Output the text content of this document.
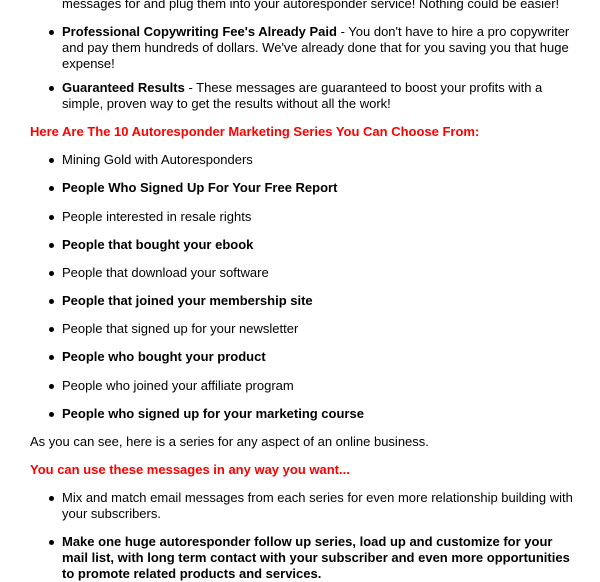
messages for and plug them into your autoresponder service! Nothing could be easier!
Professional Copywriting Fee's Already Paid - You don't have to hire a pro copywriter and pay them hundreds of dollars. We've already done that for you saving you that huge expense!
Guaranteed Results - These messages are guaranteed to boost your profits with a simple, proven way to get the results without all the work!
Here Are The 10 Autoresponder Marketing Series You Can Choose From:
Mining Gold with Autoresponders
People Who Signed Up For Your Free Report
People interested in resale rights
People that bought your ebook
People that download your software
People that joined your membership site
People that signed up for your newsletter
People who bought your product
People who joined your affiliate program
People who signed up for your marketing course
As you can see, here is a series for any aspect of an online business.
You can use these messages in any way you want...
Mix and match email messages from each series for even more relationship building with your subscribers.
Make one huge autoresponder follow up series, load up and customize for your mail list, with long term contact with your subscriber and even more opportunities to promote related products and services.
